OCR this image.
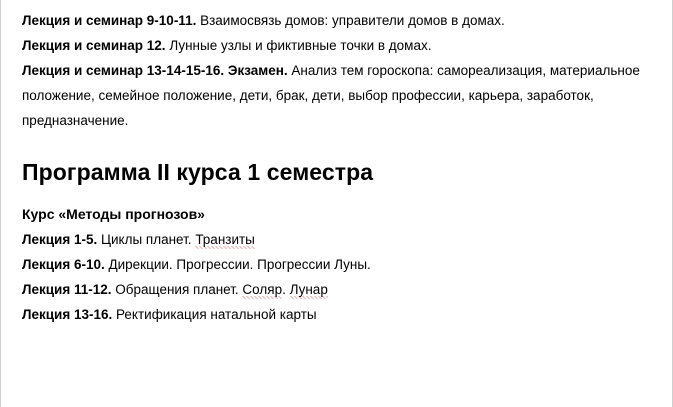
Лекция и семинар 9-10-11. Взаимосвязь домов: управители домов в домах.

Лекция и семинар 12. Лунные узлы и фиктивные точки в домах.

Лекция и семинар 13-14-15-16. Экзамен. Анализ тем гороскопа: самореализация, материальное положение, семейное положение, дети, брак, дети, выбор профессии, карьера, заработок, предназначение.

Программа II курса 1 семестра

Курс «Методы прогнозов»

Лекция 1-5. Циклы планет. Транзиты

Лекция 6-10. Дирекции. Прогрессии. Прогрессии Луны.

Лекция 11-12. Обращения планет. Соляр. Лунар

Лекция 13-16. Ректификация натальной карты
